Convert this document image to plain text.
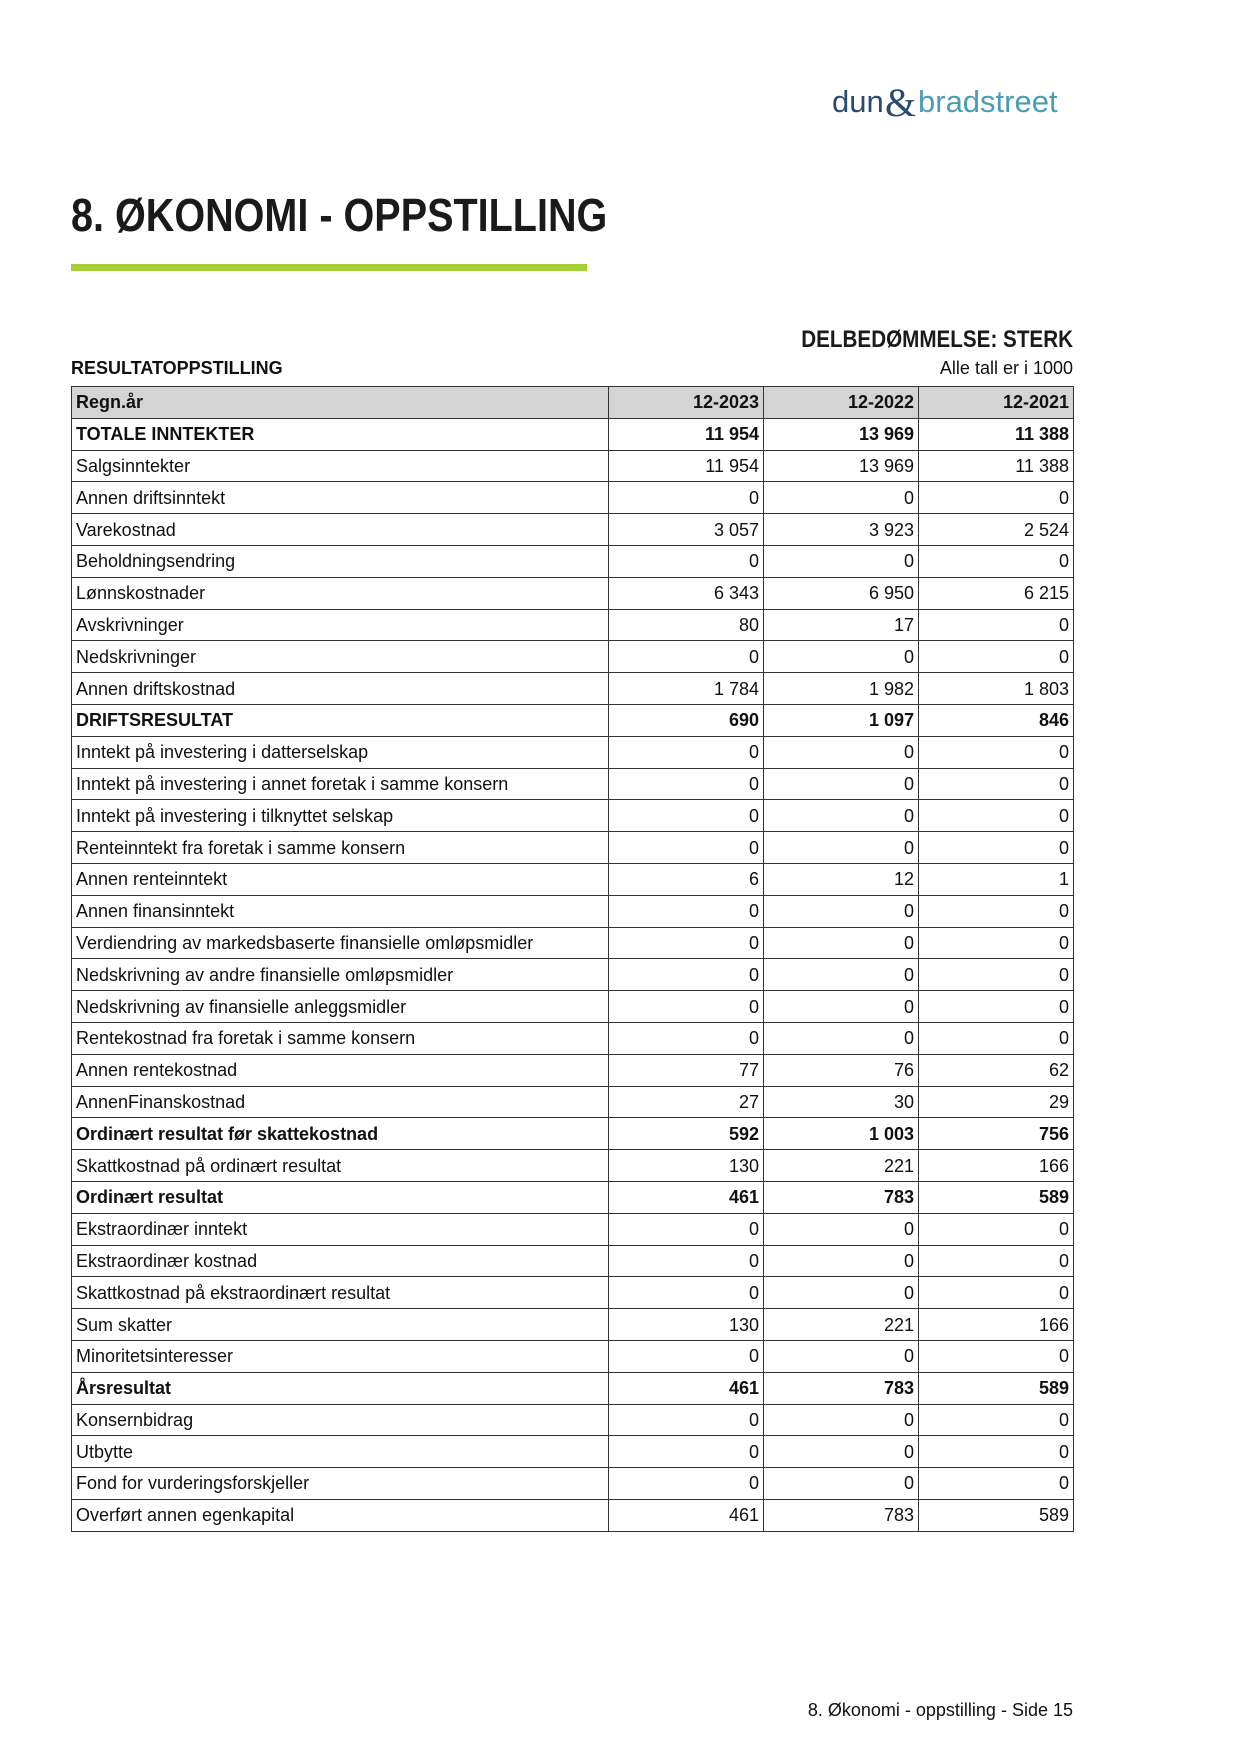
dun & bradstreet
8. ØKONOMI - OPPSTILLING
DELBEDØMMELSE: STERK
RESULTATOPPSTILLING	Alle tall er i 1000
Regn.år	12-2023	12-2022	12-2021
TOTALE INNTEKTER	11 954	13 969	11 388
Salgsinntekter	11 954	13 969	11 388
Annen driftsinntekt	0	0	0
Varekostnad	3 057	3 923	2 524
Beholdningsendring	0	0	0
Lønnskostnader	6 343	6 950	6 215
Avskrivninger	80	17	0
Nedskrivninger	0	0	0
Annen driftskostnad	1 784	1 982	1 803
DRIFTSRESULTAT	690	1 097	846
Inntekt på investering i datterselskap	0	0	0
Inntekt på investering i annet foretak i samme konsern	0	0	0
Inntekt på investering i tilknyttet selskap	0	0	0
Renteinntekt fra foretak i samme konsern	0	0	0
Annen renteinntekt	6	12	1
Annen finansinntekt	0	0	0
Verdiendring av markedsbaserte finansielle omløpsmidler	0	0	0
Nedskrivning av andre finansielle omløpsmidler	0	0	0
Nedskrivning av finansielle anleggsmidler	0	0	0
Rentekostnad fra foretak i samme konsern	0	0	0
Annen rentekostnad	77	76	62
AnnenFinanskostnad	27	30	29
Ordinært resultat før skattekostnad	592	1 003	756
Skattkostnad på ordinært resultat	130	221	166
Ordinært resultat	461	783	589
Ekstraordinær inntekt	0	0	0
Ekstraordinær kostnad	0	0	0
Skattkostnad på ekstraordinært resultat	0	0	0
Sum skatter	130	221	166
Minoritetsinteresser	0	0	0
Årsresultat	461	783	589
Konsernbidrag	0	0	0
Utbytte	0	0	0
Fond for vurderingsforskjeller	0	0	0
Overført annen egenkapital	461	783	589
8. Økonomi - oppstilling - Side 15
